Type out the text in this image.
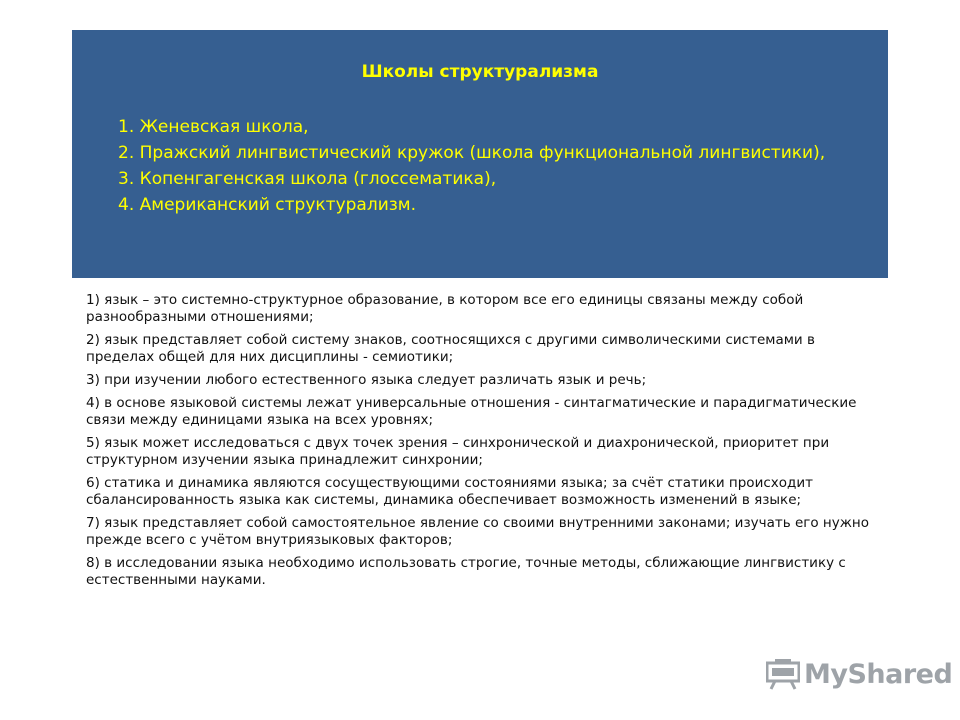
Школы структурализма
1. Женевская школа,
2. Пражский лингвистический кружок (школа функциональной лингвистики),
3. Копенгагенская школа (глоссематика),
4. Американский структурализм.
1) язык – это системно-структурное образование, в котором все его единицы связаны между собой разнообразными отношениями;
2) язык представляет собой систему знаков, соотносящихся с другими символическими системами в пределах общей для них дисциплины - семиотики;
3) при изучении любого естественного языка следует различать язык и речь;
4) в основе языковой системы лежат универсальные отношения - синтагматические и парадигматические связи между единицами языка на всех уровнях;
5) язык может исследоваться с двух точек зрения – синхронической и диахронической, приоритет при структурном изучении языка принадлежит синхронии;
6) статика и динамика являются сосуществующими состояниями языка; за счёт статики происходит сбалансированность языка как системы, динамика обеспечивает возможность изменений в языке;
7) язык представляет собой самостоятельное явление со своими внутренними законами; изучать его нужно прежде всего с учётом внутриязыковых факторов;
8) в исследовании языка необходимо использовать строгие, точные методы, сближающие лингвистику с естественными науками.
MyShared
